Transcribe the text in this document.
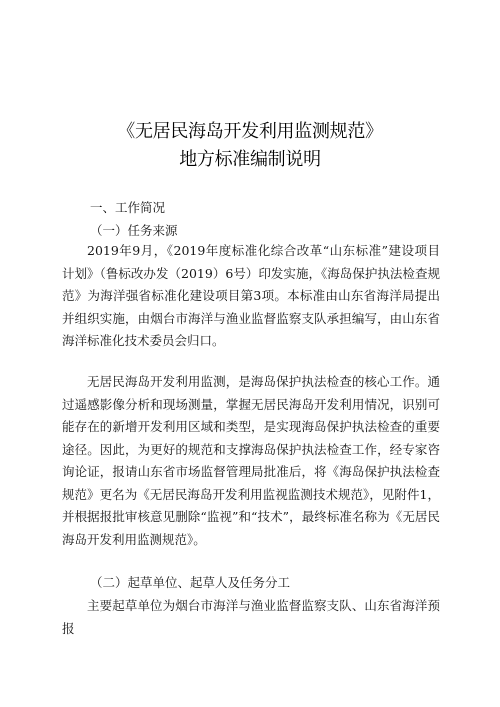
《无居民海岛开发利用监测规范》
地方标准编制说明
一、工作简况
（一）任务来源

2019年9月，《2019年度标准化综合改革“山东标准”建设项目计划》（鲁标改办发（2019）6号）印发实施，《海岛保护执法检查规范》为海洋强省标准化建设项目第3项。本标准由山东省海洋局提出并组织实施，由烟台市海洋与渔业监督监察支队承担编写，由山东省海洋标准化技术委员会归口。

无居民海岛开发利用监测，是海岛保护执法检查的核心工作。通过遥感影像分析和现场测量，掌握无居民海岛开发利用情况，识别可能存在的新增开发利用区域和类型，是实现海岛保护执法检查的重要途径。因此，为更好的规范和支撑海岛保护执法检查工作，经专家咨询论证，报请山东省市场监督管理局批准后，将《海岛保护执法检查规范》更名为《无居民海岛开发利用监视监测技术规范》，见附件1，并根据报批审核意见删除“监视”和“技术”，最终标准名称为《无居民海岛开发利用监测规范》。

（二）起草单位、起草人及任务分工

主要起草单位为烟台市海洋与渔业监督监察支队、山东省海洋预报
